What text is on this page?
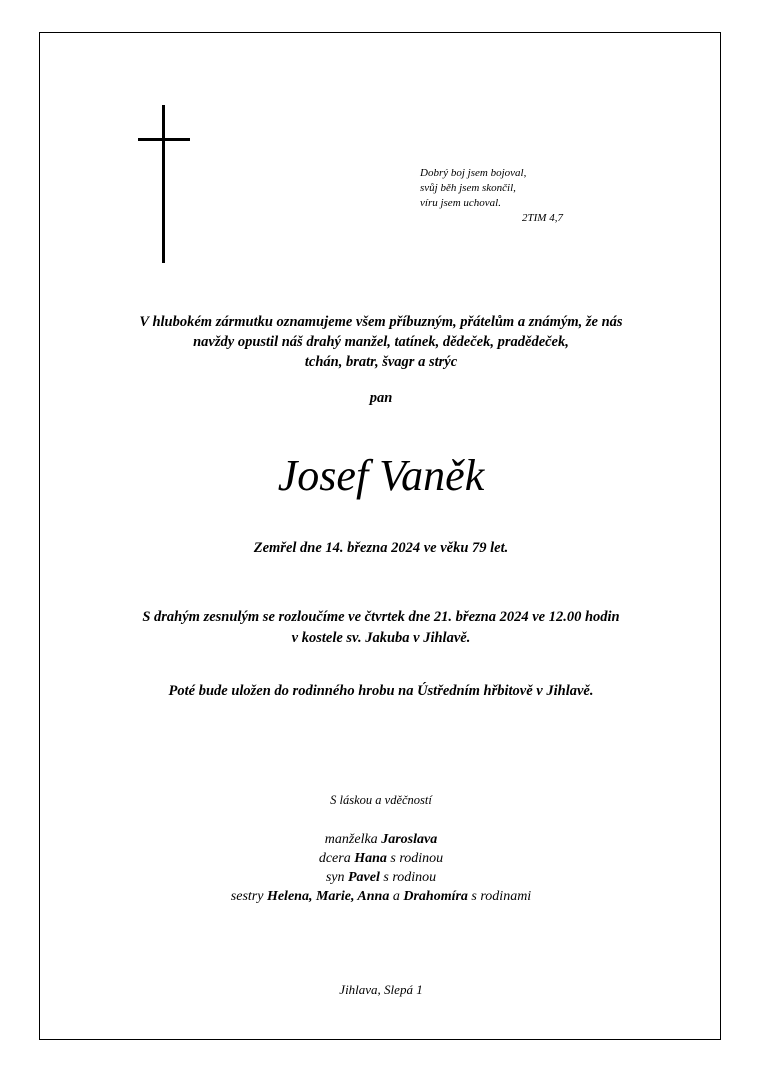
Dobrý boj jsem bojoval,
svůj běh jsem skončil,
víru jsem uchoval.
2TIM 4,7
V hlubokém zármutku oznamujeme všem příbuzným, přátelům a známým, že nás
navždy opustil náš drahý manžel, tatínek, dědeček, pradědeček,
tchán, bratr, švagr a strýc
pan
Josef Vaněk
Zemřel dne 14. března 2024 ve věku 79 let.
S drahým zesnulým se rozloučíme ve čtvrtek dne 21. března 2024 ve 12.00 hodin
v kostele sv. Jakuba v Jihlavě.
Poté bude uložen do rodinného hrobu na Ústředním hřbitově v Jihlavě.
S láskou a vděčností
manželka Jaroslava
dcera Hana s rodinou
syn Pavel s rodinou
sestry Helena, Marie, Anna a Drahomíra s rodinami
Jihlava, Slepá 1
